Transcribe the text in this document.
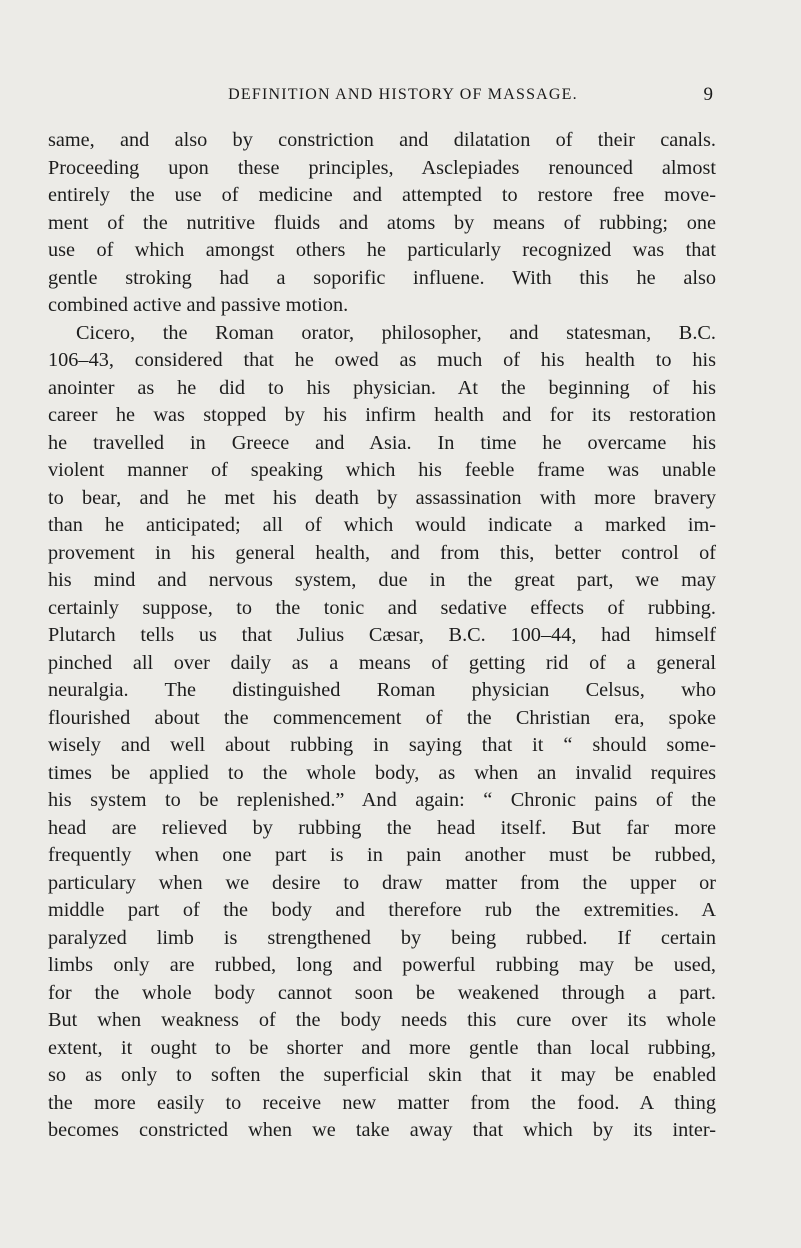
DEFINITION AND HISTORY OF MASSAGE.	9
same, and also by constriction and dilatation of their canals.
Proceeding upon these principles, Asclepiades renounced almost
entirely the use of medicine and attempted to restore free move-
ment of the nutritive fluids and atoms by means of rubbing; one
use of which amongst others he particularly recognized was that
gentle stroking had a soporific influene. With this he also
combined active and passive motion.
Cicero, the Roman orator, philosopher, and statesman, B.C.
106–43, considered that he owed as much of his health to his
anointer as he did to his physician. At the beginning of his
career he was stopped by his infirm health and for its restoration
he travelled in Greece and Asia. In time he overcame his
violent manner of speaking which his feeble frame was unable
to bear, and he met his death by assassination with more bravery
than he anticipated; all of which would indicate a marked im-
provement in his general health, and from this, better control of
his mind and nervous system, due in the great part, we may
certainly suppose, to the tonic and sedative effects of rubbing.
Plutarch tells us that Julius Cæsar, B.C. 100–44, had himself
pinched all over daily as a means of getting rid of a general
neuralgia. The distinguished Roman physician Celsus, who
flourished about the commencement of the Christian era, spoke
wisely and well about rubbing in saying that it “ should some-
times be applied to the whole body, as when an invalid requires
his system to be replenished.” And again: “ Chronic pains of the
head are relieved by rubbing the head itself. But far more
frequently when one part is in pain another must be rubbed,
particulary when we desire to draw matter from the upper or
middle part of the body and therefore rub the extremities. A
paralyzed limb is strengthened by being rubbed. If certain
limbs only are rubbed, long and powerful rubbing may be used,
for the whole body cannot soon be weakened through a part.
But when weakness of the body needs this cure over its whole
extent, it ought to be shorter and more gentle than local rubbing,
so as only to soften the superficial skin that it may be enabled
the more easily to receive new matter from the food. A thing
becomes constricted when we take away that which by its inter-
